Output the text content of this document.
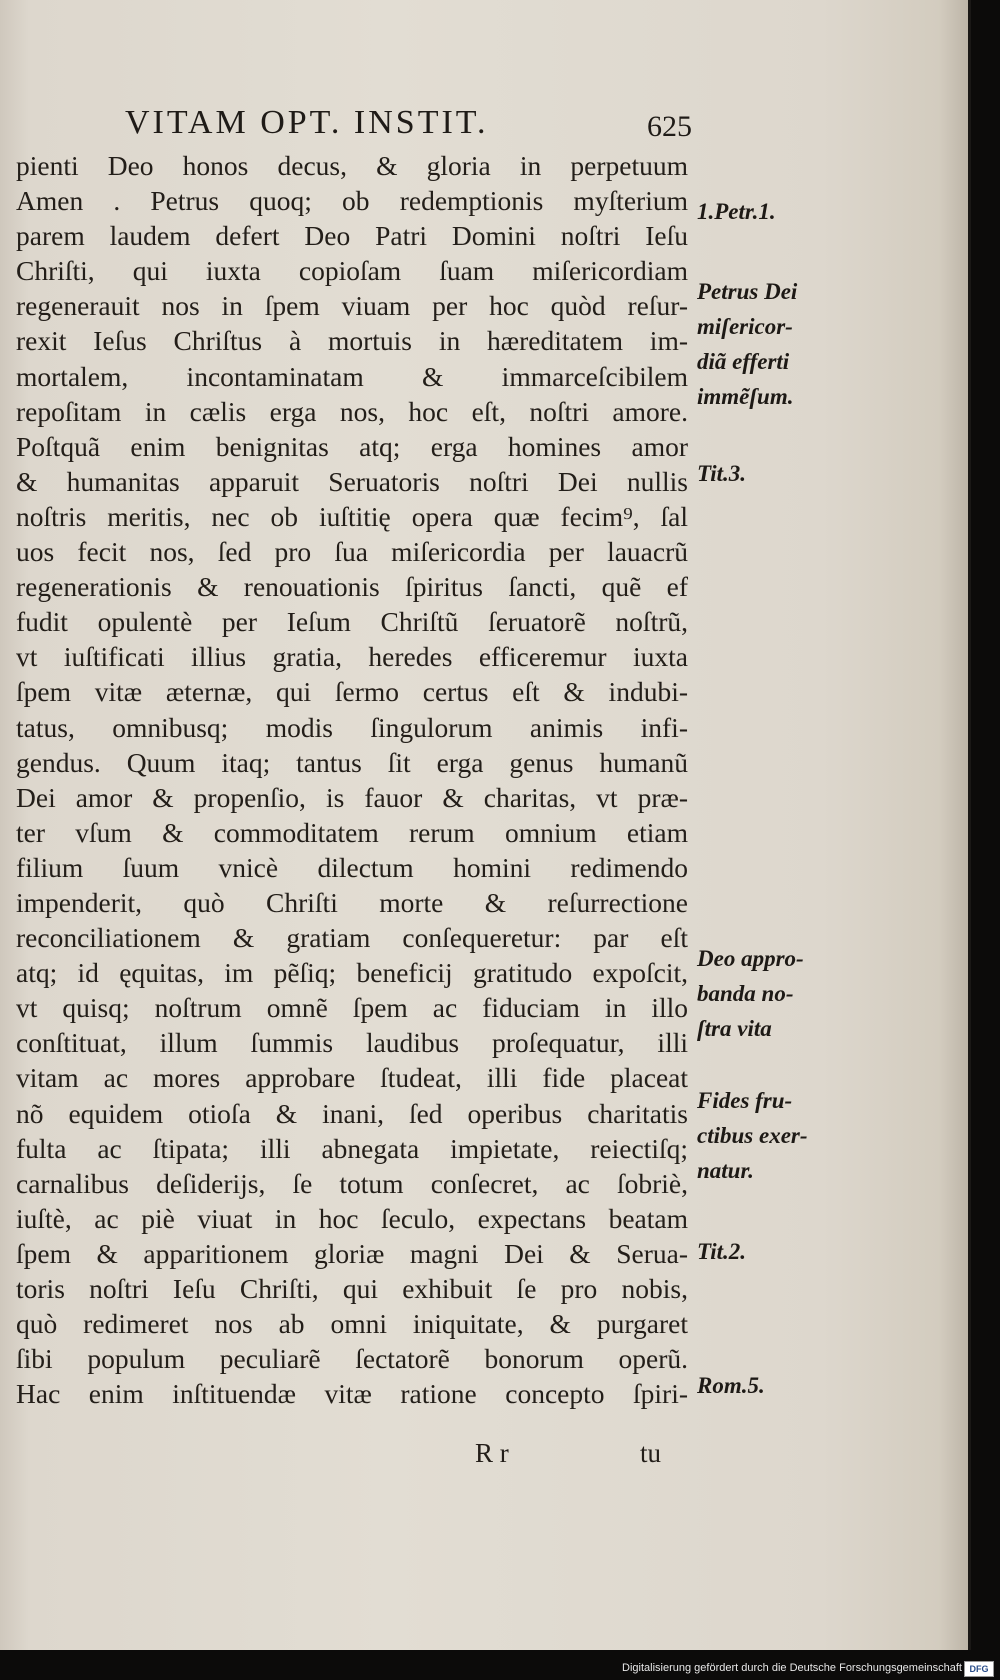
VITAM OPT. INSTIT.	625
pienti Deo honos decus, & gloria in perpetuum
Amen . Petrus quoq; ob redemptionis myſterium
parem laudem defert Deo Patri Domini noſtri Ieſu
Chriſti, qui iuxta copioſam ſuam miſericordiam
regenerauit nos in ſpem viuam per hoc quòd reſur-
rexit Ieſus Chriſtus à mortuis in hæreditatem im-
mortalem, incontaminatam & immarceſcibilem
repoſitam in cælis erga nos, hoc eſt, noſtri amore.
Poſtquã enim benignitas atq; erga homines amor
& humanitas apparuit Seruatoris noſtri Dei nullis
noſtris meritis, nec ob iuſtitię opera quæ fecim⁹, ſal
uos fecit nos, ſed pro ſua miſericordia per lauacrũ
regenerationis & renouationis ſpiritus ſancti, quẽ ef
fudit opulentè per Ieſum Chriſtũ ſeruatorẽ noſtrũ,
vt iuſtificati illius gratia, heredes efficeremur iuxta
ſpem vitæ æternæ, qui ſermo certus eſt & indubi-
tatus, omnibusq; modis ſingulorum animis infi-
gendus. Quum itaq; tantus ſit erga genus humanũ
Dei amor & propenſio, is fauor & charitas, vt præ-
ter vſum & commoditatem rerum omnium etiam
filium ſuum vnicè dilectum homini redimendo
impenderit, quò Chriſti morte & reſurrectione
reconciliationem & gratiam conſequeretur: par eſt
atq; id ęquitas, im pẽſiq; beneficij gratitudo expoſcit,
vt quisq; noſtrum omnẽ ſpem ac fiduciam in illo
conſtituat, illum ſummis laudibus proſequatur, illi
vitam ac mores approbare ſtudeat, illi fide placeat
nõ equidem otioſa & inani, ſed operibus charitatis
fulta ac ſtipata; illi abnegata impietate, reiectiſq;
carnalibus deſiderijs, ſe totum conſecret, ac ſobriè,
iuſtè, ac piè viuat in hoc ſeculo, expectans beatam
ſpem & apparitionem gloriæ magni Dei & Serua-
toris noſtri Ieſu Chriſti, qui exhibuit ſe pro nobis,
quò redimeret nos ab omni iniquitate, & purgaret
ſibi populum peculiarẽ ſectatorẽ bonorum operũ.
Hac enim inſtituendæ vitæ ratione concepto ſpiri-
1.Petr.1.
Petrus Dei
miſericor-
diã efferti
immẽſum.
Tit.3.
Deo appro-
banda no-
ſtra vita
Fides fru-
ctibus exer-
natur.
Tit.2.
Rom.5.
R r	tu
Digitalisierung gefördert durch die Deutsche Forschungsgemeinschaft DFG
